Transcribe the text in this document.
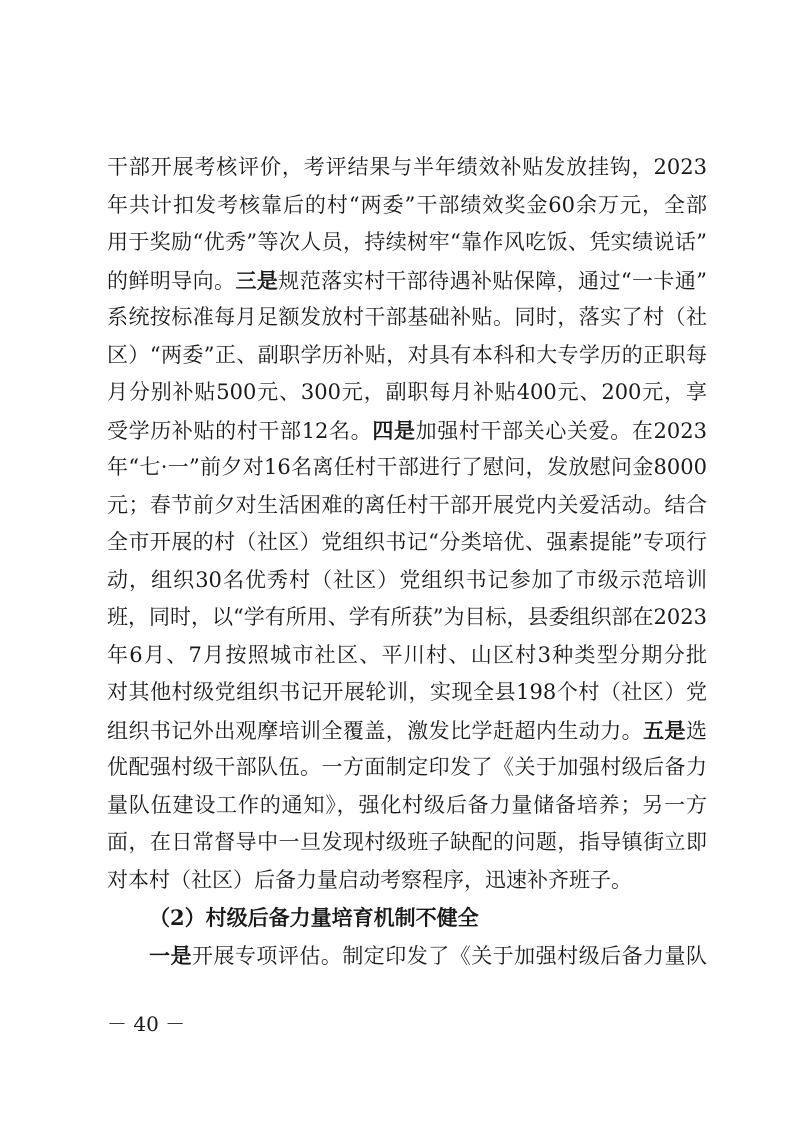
干部开展考核评价，考评结果与半年绩效补贴发放挂钩，2023
年共计扣发考核靠后的村“两委”干部绩效奖金60余万元，全部
用于奖励“优秀”等次人员，持续树牢“靠作风吃饭、凭实绩说话”
的鲜明导向。三是规范落实村干部待遇补贴保障，通过“一卡通”
系统按标准每月足额发放村干部基础补贴。同时，落实了村（社
区）“两委”正、副职学历补贴，对具有本科和大专学历的正职每
月分别补贴500元、300元，副职每月补贴400元、200元，享
受学历补贴的村干部12名。四是加强村干部关心关爱。在2023
年“七·一”前夕对16名离任村干部进行了慰问，发放慰问金8000
元；春节前夕对生活困难的离任村干部开展党内关爱活动。结合
全市开展的村（社区）党组织书记“分类培优、强素提能”专项行
动，组织30名优秀村（社区）党组织书记参加了市级示范培训
班，同时，以“学有所用、学有所获”为目标，县委组织部在2023
年6月、7月按照城市社区、平川村、山区村3种类型分期分批
对其他村级党组织书记开展轮训，实现全县198个村（社区）党
组织书记外出观摩培训全覆盖，激发比学赶超内生动力。五是选
优配强村级干部队伍。一方面制定印发了《关于加强村级后备力
量队伍建设工作的通知》，强化村级后备力量储备培养；另一方
面，在日常督导中一旦发现村级班子缺配的问题，指导镇街立即
对本村（社区）后备力量启动考察程序，迅速补齐班子。
（2）村级后备力量培育机制不健全
一是开展专项评估。制定印发了《关于加强村级后备力量队
－ 40 －
